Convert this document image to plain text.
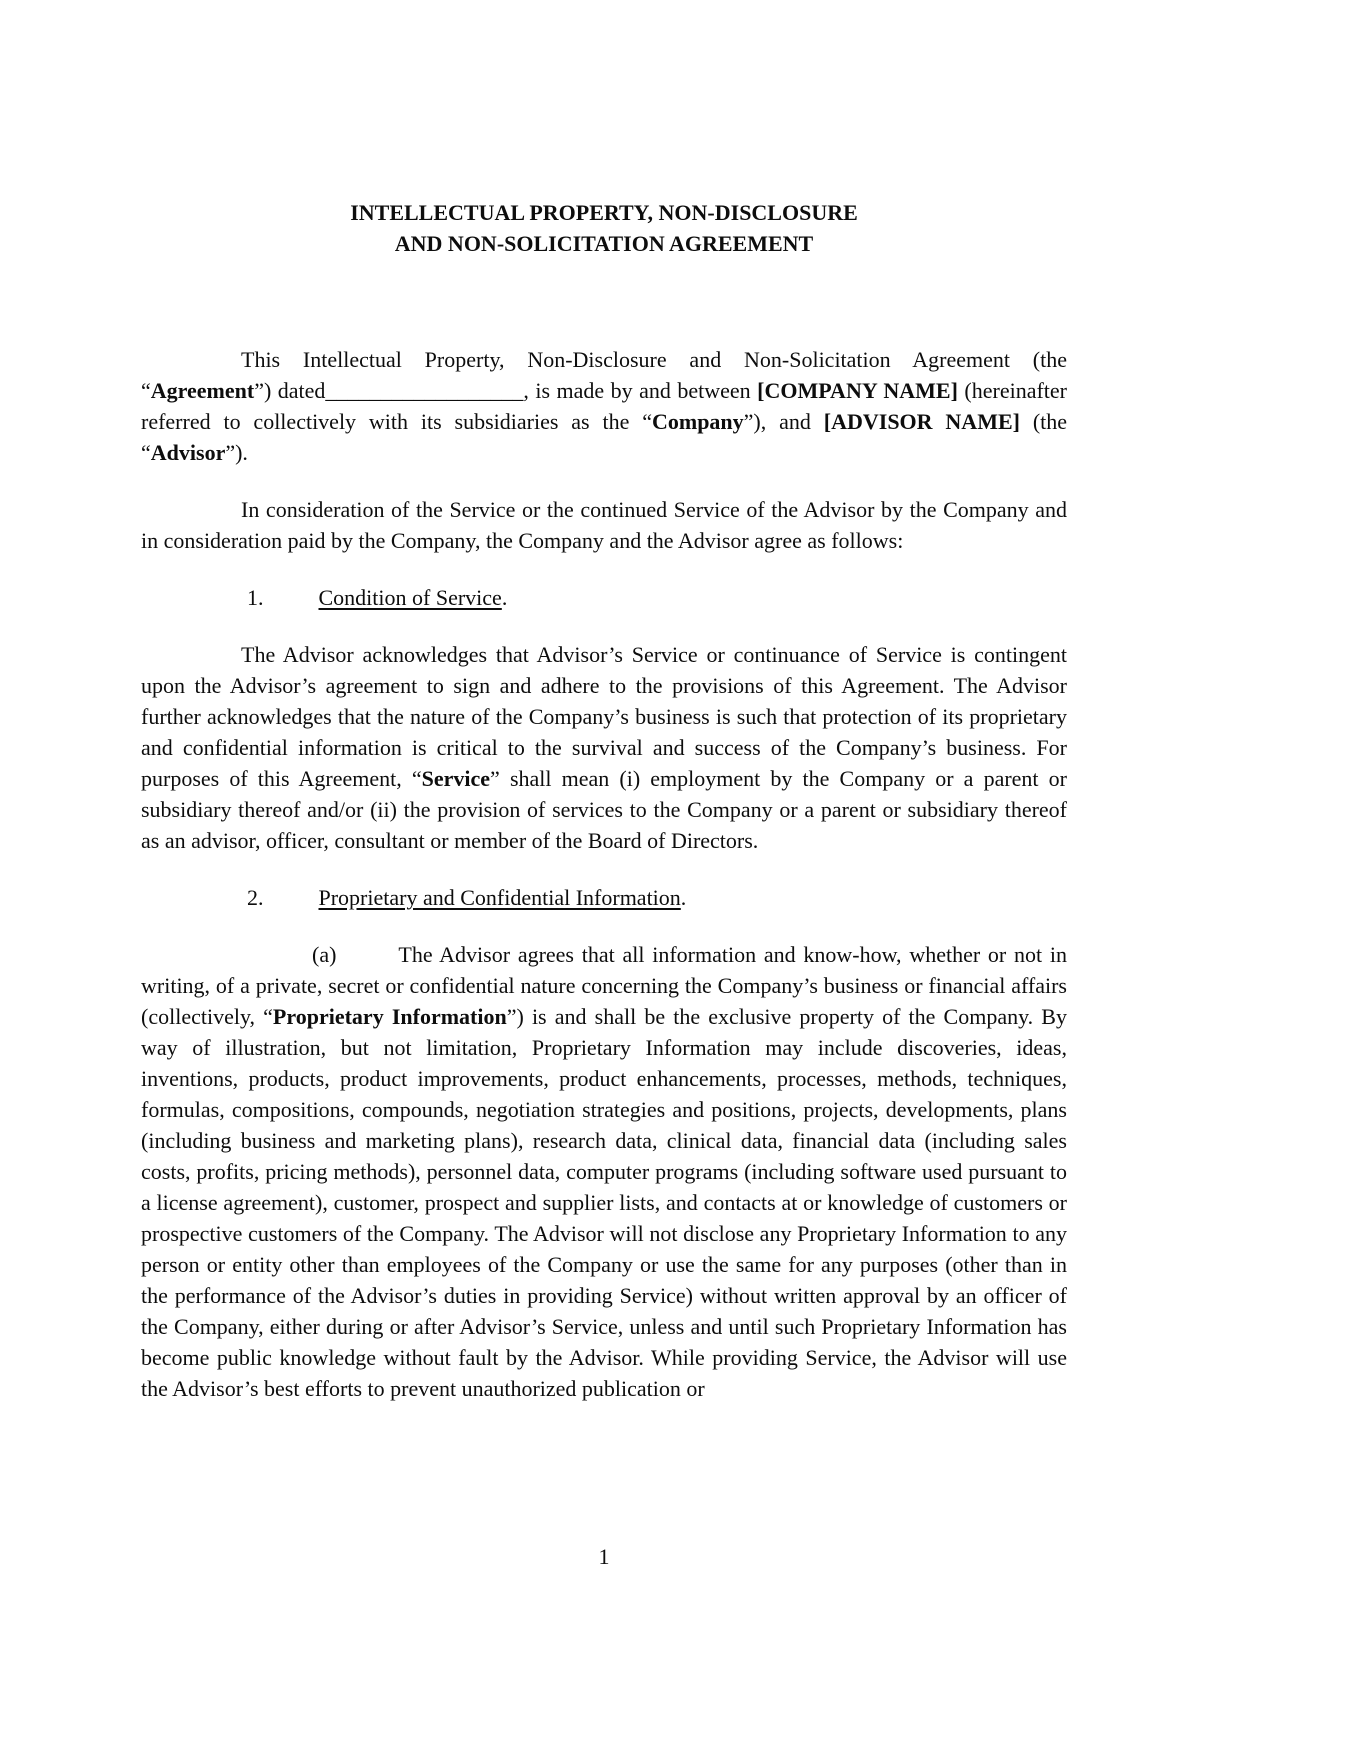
INTELLECTUAL PROPERTY, NON-DISCLOSURE
AND NON-SOLICITATION AGREEMENT

This Intellectual Property, Non-Disclosure and Non-Solicitation Agreement (the “Agreement”) dated__________________, is made by and between [COMPANY NAME] (hereinafter referred to collectively with its subsidiaries as the “Company”), and [ADVISOR NAME] (the “Advisor”).

In consideration of the Service or the continued Service of the Advisor by the Company and in consideration paid by the Company, the Company and the Advisor agree as follows:

1.	Condition of Service.

The Advisor acknowledges that Advisor’s Service or continuance of Service is contingent upon the Advisor’s agreement to sign and adhere to the provisions of this Agreement. The Advisor further acknowledges that the nature of the Company’s business is such that protection of its proprietary and confidential information is critical to the survival and success of the Company’s business. For purposes of this Agreement, “Service” shall mean (i) employment by the Company or a parent or subsidiary thereof and/or (ii) the provision of services to the Company or a parent or subsidiary thereof as an advisor, officer, consultant or member of the Board of Directors.

2.	Proprietary and Confidential Information.

(a)	The Advisor agrees that all information and know-how, whether or not in writing, of a private, secret or confidential nature concerning the Company’s business or financial affairs (collectively, “Proprietary Information”) is and shall be the exclusive property of the Company. By way of illustration, but not limitation, Proprietary Information may include discoveries, ideas, inventions, products, product improvements, product enhancements, processes, methods, techniques, formulas, compositions, compounds, negotiation strategies and positions, projects, developments, plans (including business and marketing plans), research data, clinical data, financial data (including sales costs, profits, pricing methods), personnel data, computer programs (including software used pursuant to a license agreement), customer, prospect and supplier lists, and contacts at or knowledge of customers or prospective customers of the Company. The Advisor will not disclose any Proprietary Information to any person or entity other than employees of the Company or use the same for any purposes (other than in the performance of the Advisor’s duties in providing Service) without written approval by an officer of the Company, either during or after Advisor’s Service, unless and until such Proprietary Information has become public knowledge without fault by the Advisor. While providing Service, the Advisor will use the Advisor’s best efforts to prevent unauthorized publication or

1
